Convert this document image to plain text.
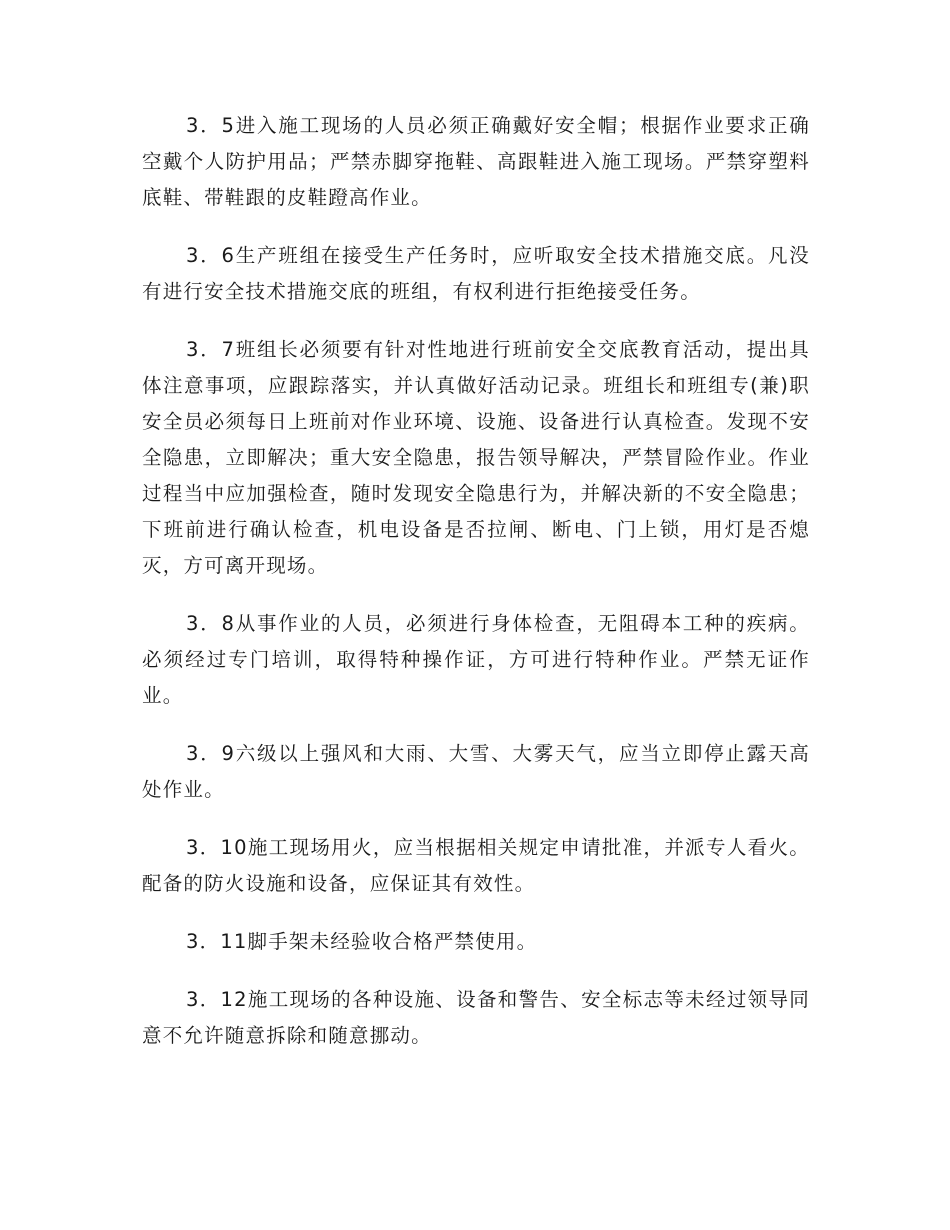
3．5进入施工现场的人员必须正确戴好安全帽；根据作业要求正确空戴个人防护用品；严禁赤脚穿拖鞋、高跟鞋进入施工现场。严禁穿塑料底鞋、带鞋跟的皮鞋蹬高作业。

3．6生产班组在接受生产任务时，应听取安全技术措施交底。凡没有进行安全技术措施交底的班组，有权利进行拒绝接受任务。

3．7班组长必须要有针对性地进行班前安全交底教育活动，提出具体注意事项，应跟踪落实，并认真做好活动记录。班组长和班组专(兼)职安全员必须每日上班前对作业环境、设施、设备进行认真检查。发现不安全隐患，立即解决；重大安全隐患，报告领导解决，严禁冒险作业。作业过程当中应加强检查，随时发现安全隐患行为，并解决新的不安全隐患；下班前进行确认检查，机电设备是否拉闸、断电、门上锁，用灯是否熄灭，方可离开现场。

3．8从事作业的人员，必须进行身体检查，无阻碍本工种的疾病。必须经过专门培训，取得特种操作证，方可进行特种作业。严禁无证作业。

3．9六级以上强风和大雨、大雪、大雾天气，应当立即停止露天高处作业。

3．10施工现场用火，应当根据相关规定申请批准，并派专人看火。配备的防火设施和设备，应保证其有效性。

3．11脚手架未经验收合格严禁使用。

3．12施工现场的各种设施、设备和警告、安全标志等未经过领导同意不允许随意拆除和随意挪动。
